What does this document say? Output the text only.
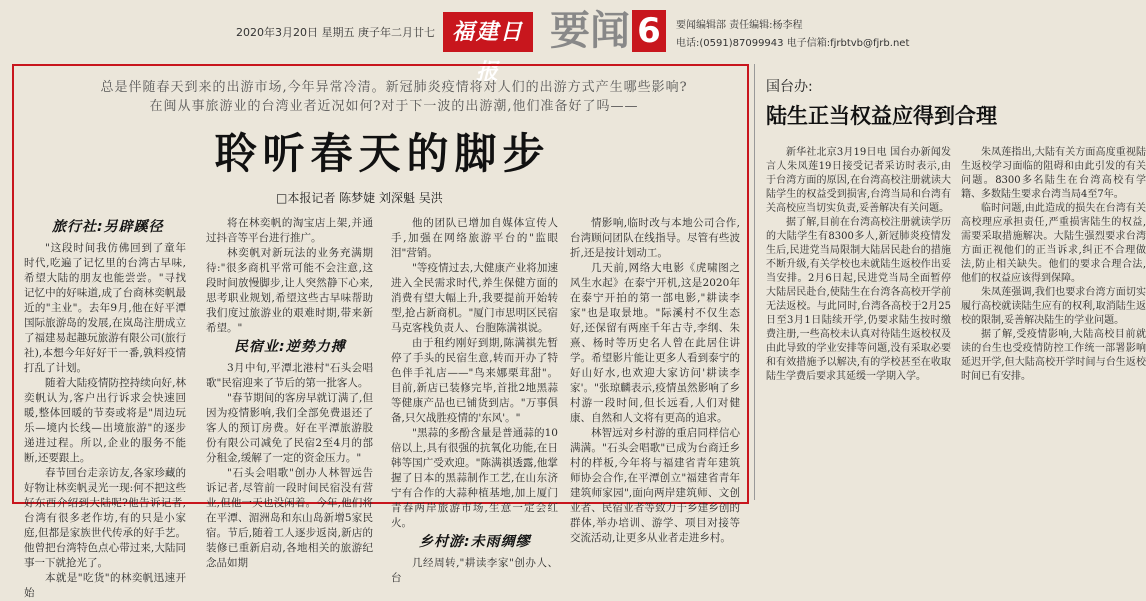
2020年3月20日 星期五 庚子年二月廿七 福建日报
要闻 6	要闻编辑部 责任编辑:杨李程
电话:(0591)87099943 电子信箱:fjrbtvb@fjrb.net
总是伴随春天到来的出游市场,今年异常冷清。新冠肺炎疫情将对人们的出游方式产生哪些影响?在闽从事旅游业的台湾业者近况如何?对于下一波的出游潮,他们准备好了吗——
聆听春天的脚步
□本报记者 陈梦婕 刘深魁 吴洪
旅行社:另辟蹊径

"这段时间我仿佛回到了童年时代,吃遍了记忆里的台湾古早味,希望大陆的朋友也能尝尝。"寻找记忆中的好味道,成了台商林奕帆最近的"主业"。去年9月,他在好平潭国际旅游岛的发展,在岚岛注册成立了福建易起趣玩旅游有限公司(旅行社),本想今年好好干一番,孰料疫情打乱了计划。

随着大陆疫情防控持续向好,林奕帆认为,客户出行诉求会快速回暖,整体回暖的节奏或将是"周边玩乐—境内长线—出境旅游"的逐步递进过程。所以,企业的服务不能断,还要跟上。

春节回台走亲访友,各家珍藏的好物让林奕帆灵光一现:何不把这些好东西介绍到大陆呢?他告诉记者,台湾有很多老作坊,有的只是小家庭,但都是家族世代传承的好手艺。他曾把台湾特色点心带过来,大陆同事一下就抢光了。

本就是"吃货"的林奕帆迅速开始

将在林奕帆的淘宝店上架,并通过抖音等平台进行推广。

林奕帆对新玩法的业务充满期待:"很多商机平常可能不会注意,这段时间放慢脚步,让人突然静下心来,思考职业规划,希望这些古早味帮助我们度过旅游业的艰难时期,带来新希望。"

民宿业:逆势力搏

3月中旬,平潭北港村"石头会唱歌"民宿迎来了节后的第一批客人。

"春节期间的客房早就订满了,但因为疫情影响,我们全部免费退还了客人的预订房费。好在平潭旅游股份有限公司减免了民宿2至4月的部分租金,缓解了一定的资金压力。"

"石头会唱歌"创办人林智远告诉记者,尽管前一段时间民宿没有营业,但他一天也没闲着。今年,他们将在平潭、湄洲岛和东山岛新增5家民宿。节后,随着工人逐步返岗,新店的装修已重新启动,各地相关的旅游纪念品如期

他的团队已增加自媒体宣传人手,加强在网络旅游平台的"监眼泪"营销。

"等疫情过去,大健康产业将加速进入全民需求时代,养生保健方面的消费有望大幅上升,我要提前开始转型,抢占新商机。"厦门市思明区民宿马克客栈负责人、台胞陈满祺说。

由于租约刚好到期,陈满祺先暂停了手头的民宿生意,转而开办了特色伴手礼店——"鸟来娜栗茸甜"。目前,新店已装修完毕,首批2地黑蒜等健康产品也已铺货到店。"万事俱备,只欠战胜疫情的'东风'。"

"黑蒜的多酚含量是普通蒜的10倍以上,具有很强的抗氧化功能,在日韩等国广受欢迎。"陈满祺透露,他掌握了日本的黑蒜制作工艺,在山东济宁有合作的大蒜种植基地,加上厦门青春两岸旅游市场,生意一定会红火。

乡村游:未雨绸缪

几经周转,"耕读李家"创办人、台

情影响,临时改与本地公司合作,台湾顾问团队在线指导。尽管有些波折,还是按计划动工。

几天前,网络大电影《虎啸图之风生水起》在泰宁开机,这是2020年在泰宁开拍的第一部电影,"耕读李家"也是取景地。"际溪村不仅生态好,还保留有两座千年古寺,李纲、朱熹、杨时等历史名人曾在此居住讲学。希望影片能让更多人看到泰宁的好山好水,也欢迎大家访问'耕读李家'。"张琼麟表示,疫情虽然影响了乡村游一段时间,但长远看,人们对健康、自然和人文将有更高的追求。

林智远对乡村游的重启同样信心满满。"石头会唱歌"已成为台商迁乡村的样板,今年将与福建省青年建筑师协会合作,在平潭创立"福建省青年建筑师家园",面向两岸建筑师、文创业者、民宿业者等致力于乡建乡创的群体,举办培训、游学、项目对接等交流活动,让更多从业者走进乡村。

国台办:
陆生正当权益应得到合理

新华社北京3月19日电 国台办新闻发言人朱凤莲19日接受记者采访时表示,由于台湾方面的原因,在台湾高校注册就读大陆学生的权益受到损害,台湾当局和台湾有关高校应当切实负责,妥善解决有关问题。

据了解,目前在台湾高校注册就读学历的大陆学生有8300多人,新冠肺炎疫情发生后,民进党当局限制大陆居民赴台的措施不断升级,有关学校也未就陆生返校作出妥当安排。2月6日起,民进党当局全面暂停大陆居民赴台,使陆生在台湾各高校开学前无法返校。与此同时,台湾各高校于2月25日至3月1日陆续开学,仍要求陆生按时缴费注册,一些高校未认真对待陆生返校权及由此导致的学业安排等问题,没有采取必要和有效措施予以解决,有的学校甚至在收取陆生学费后要求其延缓一学期入学。

朱凤莲指出,大陆有关方面高度重视陆生返校学习面临的阻碍和由此引发的有关问题。8300多名陆生在台湾高校有学籍、多数陆生要求台湾当局4至7年。

临时问题,由此造成的损失在台湾有关高校理应承担责任,严重损害陆生的权益,需要采取措施解决。大陆生强烈要求台湾方面正视他们的正当诉求,纠正不合理做法,防止相关缺失。他们的要求合理合法,他们的权益应该得到保障。

朱凤莲强调,我们也要求台湾方面切实履行高校就读陆生应有的权利,取消陆生返校的限制,妥善解决陆生的学业问题。

据了解,受疫情影响,大陆高校目前就读的台生也受疫情防控工作统一部署影响延迟开学,但大陆高校开学时间与台生返校时间已有安排。
